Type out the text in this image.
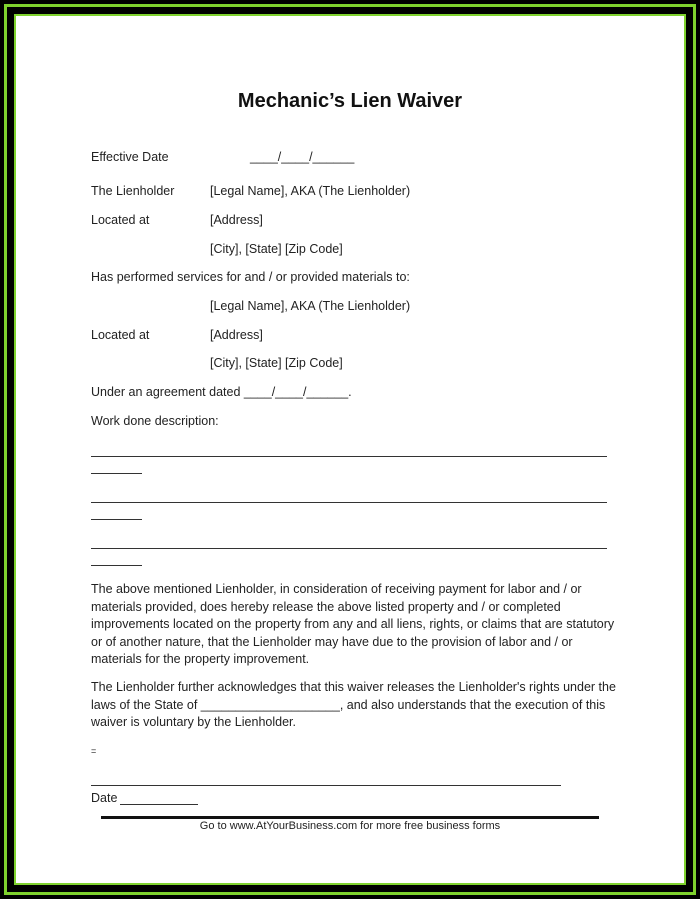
Mechanic’s Lien Waiver
Effective Date	____/____/______
The Lienholder	[Legal Name], AKA (The Lienholder)
Located at	[Address]
[City], [State] [Zip Code]
Has performed services for and / or provided materials to:
[Legal Name], AKA (The Lienholder)
Located at	[Address]
[City], [State] [Zip Code]
Under an agreement dated ____/____/______.
Work done description:
The above mentioned Lienholder, in consideration of receiving payment for labor and / or materials provided, does hereby release the above listed property and / or completed improvements located on the property from any and all liens, rights, or claims that are statutory or of another nature, that the Lienholder may have due to the provision of labor and / or materials for the property improvement.
The Lienholder further acknowledges that this waiver releases the Lienholder's rights under the laws of the State of ____________________, and also understands that the execution of this waiver is voluntary by the Lienholder.
=
Date
Go to www.AtYourBusiness.com for more free business forms
